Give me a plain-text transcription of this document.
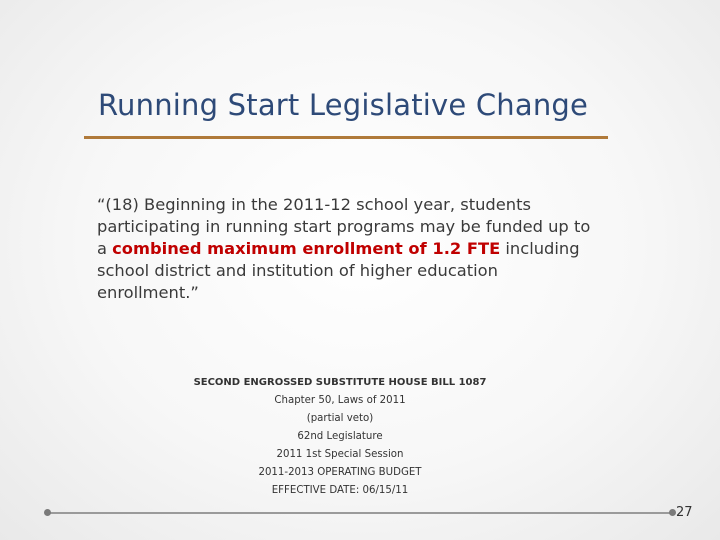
Running Start Legislative Change
“(18) Beginning in the 2011-12 school year, students participating in running start programs may be funded up to a combined maximum enrollment of 1.2 FTE including school district and institution of higher education enrollment.”
SECOND ENGROSSED SUBSTITUTE HOUSE BILL 1087
Chapter 50, Laws of 2011
(partial veto)
62nd Legislature
2011 1st Special Session
2011-2013 OPERATING BUDGET
EFFECTIVE DATE: 06/15/11
27
